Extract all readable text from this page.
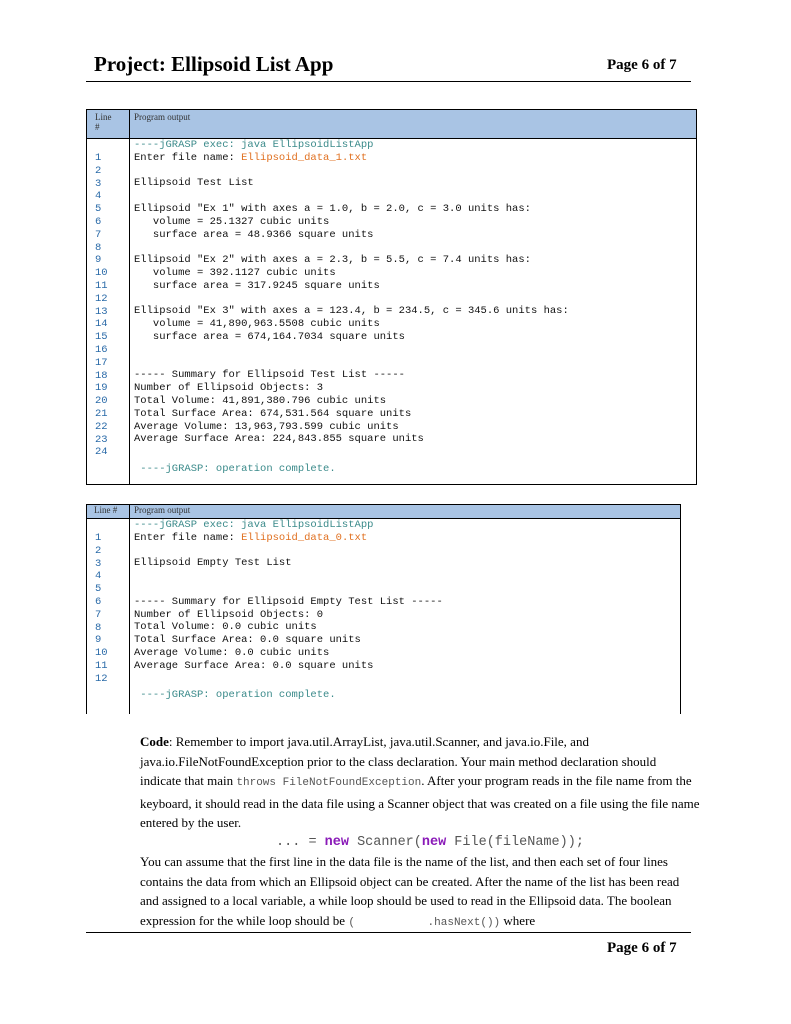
Project: Ellipsoid List App	Page 6 of 7
Line
#
Program output
1
2
3
4
5
6
7
8
9
10
11
12
13
14
15
16
17
18
19
20
21
22
23
24
----jGRASP exec: java EllipsoidListApp
Enter file name: Ellipsoid_data_1.txt
Ellipsoid Test List
Ellipsoid "Ex 1" with axes a = 1.0, b = 2.0, c = 3.0 units has:
volume = 25.1327 cubic units
surface area = 48.9366 square units
Ellipsoid "Ex 2" with axes a = 2.3, b = 5.5, c = 7.4 units has:
volume = 392.1127 cubic units
surface area = 317.9245 square units
Ellipsoid "Ex 3" with axes a = 123.4, b = 234.5, c = 345.6 units has:
volume = 41,890,963.5508 cubic units
surface area = 674,164.7034 square units
----- Summary for Ellipsoid Test List -----
Number of Ellipsoid Objects: 3
Total Volume: 41,891,380.796 cubic units
Total Surface Area: 674,531.564 square units
Average Volume: 13,963,793.599 cubic units
Average Surface Area: 224,843.855 square units
----jGRASP: operation complete.
Line # Program output
1
2
3
4
5
6
7
8
9
10
11
12
----jGRASP exec: java EllipsoidListApp
Enter file name: Ellipsoid_data_0.txt
Ellipsoid Empty Test List
----- Summary for Ellipsoid Empty Test List -----
Number of Ellipsoid Objects: 0
Total Volume: 0.0 cubic units
Total Surface Area: 0.0 square units
Average Volume: 0.0 cubic units
Average Surface Area: 0.0 square units
----jGRASP: operation complete.

Code: Remember to import java.util.ArrayList, java.util.Scanner, and java.io.File, and java.io.FileNotFoundException prior to the class declaration. Your main method declaration should indicate that main throws FileNotFoundException. After your program reads in the file name from the keyboard, it should read in the data file using a Scanner object that was created on a file using the file name entered by the user.

... = new Scanner(new File(fileName));

You can assume that the first line in the data file is the name of the list, and then each set of four lines contains the data from which an Ellipsoid object can be created. After the name of the list has been read and assigned to a local variable, a while loop should be used to read in the Ellipsoid data. The boolean expression for the while loop should be (           .hasNext()) where

Page 6 of 7
